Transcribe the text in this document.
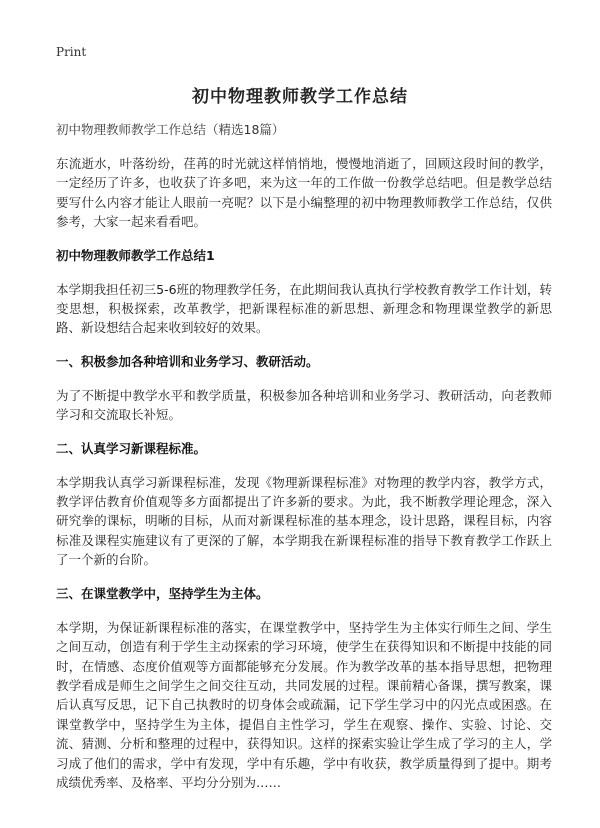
Print
初中物理教师教学工作总结
初中物理教师教学工作总结（精选18篇）

东流逝水，叶落纷纷，荏苒的时光就这样悄悄地，慢慢地消逝了，回顾这段时间的教学，一定经历了许多，也收获了许多吧，来为这一年的工作做一份教学总结吧。但是教学总结要写什么内容才能让人眼前一亮呢？以下是小编整理的初中物理教师教学工作总结，仅供参考，大家一起来看看吧。

初中物理教师教学工作总结1

本学期我担任初三5-6班的物理教学任务，在此期间我认真执行学校教育教学工作计划，转变思想，积极探索，改革教学，把新课程标准的新思想、新理念和物理课堂教学的新思路、新设想结合起来收到较好的效果。

一、积极参加各种培训和业务学习、教研活动。

为了不断提中教学水平和教学质量，积极参加各种培训和业务学习、教研活动，向老教师学习和交流取长补短。

二、认真学习新课程标准。

本学期我认真学习新课程标准，发现《物理新课程标准》对物理的教学内容，教学方式，教学评估教育价值观等多方面都提出了许多新的要求。为此，我不断教学理论理念，深入研究拳的课标，明晰的目标，从而对新课程标准的基本理念，设计思路，课程目标，内容标准及课程实施建议有了更深的了解，本学期我在新课程标准的指导下教育教学工作跃上了一个新的台阶。

三、在课堂教学中，坚持学生为主体。

本学期，为保证新课程标准的落实，在课堂教学中，坚持学生为主体实行师生之间、学生之间互动，创造有利于学生主动探索的学习环境，使学生在获得知识和不断提中技能的同时，在情感、态度价值观等方面都能够充分发展。作为教学改革的基本指导思想，把物理教学看成是师生之间学生之间交往互动，共同发展的过程。课前精心备课，撰写教案，课后认真写反思，记下自己执教时的切身体会或疏漏，记下学生学习中的闪光点或困惑。在课堂教学中，坚持学生为主体，提倡自主性学习，学生在观察、操作、实验、讨论、交流、猜测、分析和整理的过程中，获得知识。这样的探索实验让学生成了学习的主人，学习成了他们的需求，学中有发现，学中有乐趣，学中有收获，教学质量得到了提中。期考成绩优秀率、及格率、平均分分别为……
